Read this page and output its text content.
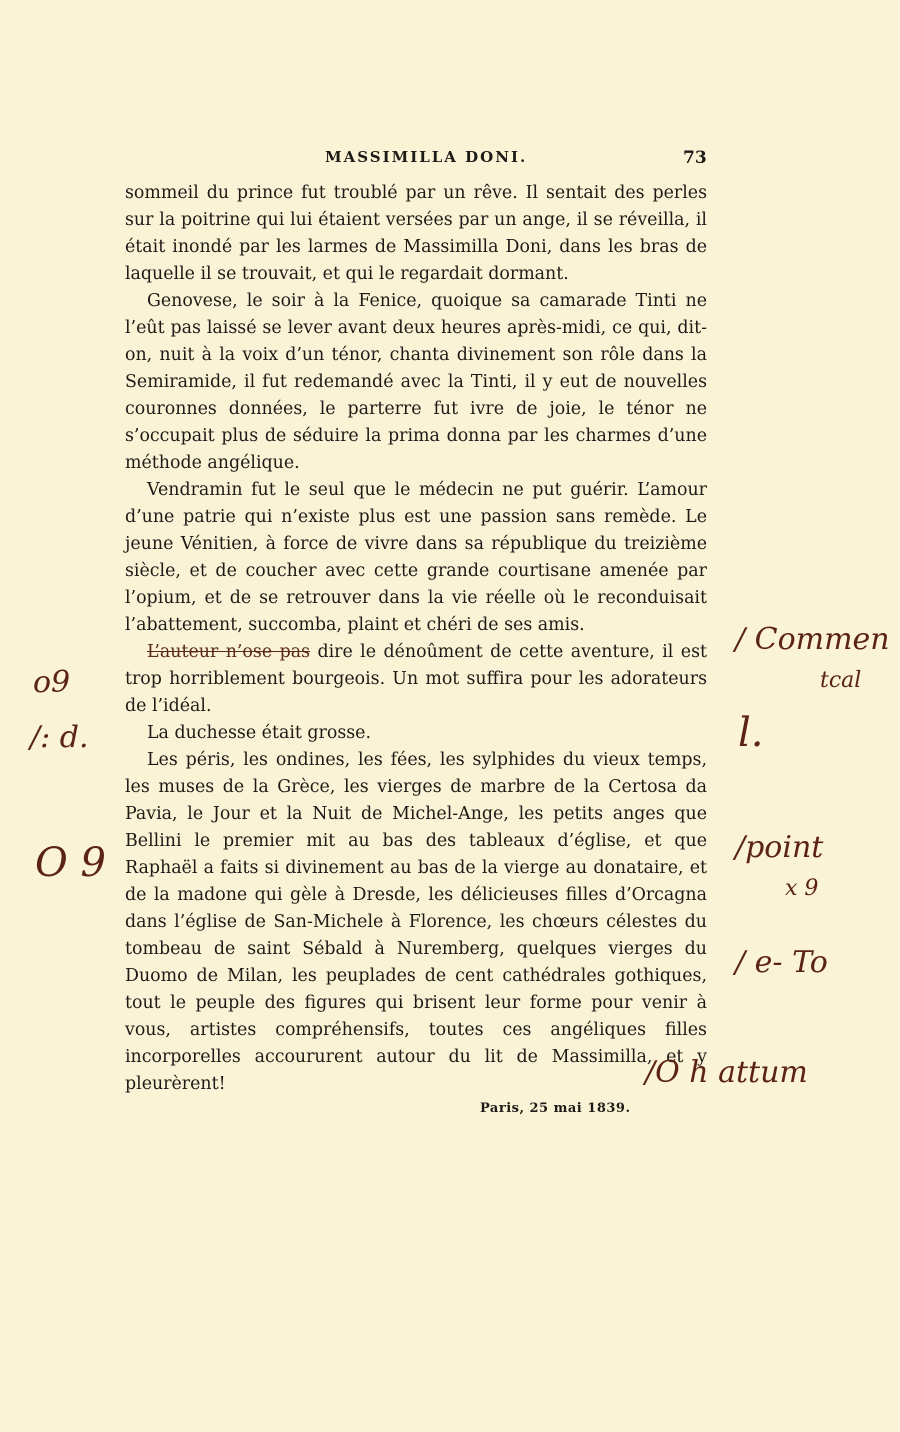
MASSIMILLA DONI.	73

sommeil du prince fut troublé par un rêve. Il sentait des perles sur la poitrine qui lui étaient versées par un ange, il se réveilla, il était inondé par les larmes de Massimilla Doni, dans les bras de laquelle il se trouvait, et qui le regardait dormant.

Genovese, le soir à la Fenice, quoique sa camarade Tinti ne l’eût pas laissé se lever avant deux heures après-midi, ce qui, dit-on, nuit à la voix d’un ténor, chanta divinement son rôle dans la Semiramide, il fut redemandé avec la Tinti, il y eut de nouvelles couronnes données, le parterre fut ivre de joie, le ténor ne s’occupait plus de séduire la prima donna par les charmes d’une méthode angélique.

Vendramin fut le seul que le médecin ne put guérir. L’amour d’une patrie qui n’existe plus est une passion sans remède. Le jeune Vénitien, à force de vivre dans sa république du treizième siècle, et de coucher avec cette grande courtisane amenée par l’opium, et de se retrouver dans la vie réelle où le reconduisait l’abattement, succomba, plaint et chéri de ses amis.

L’auteur n’ose pas dire le dénoûment de cette aventure, il est trop horriblement bourgeois. Un mot suffira pour les adorateurs de l’idéal.

La duchesse était grosse.

Les péris, les ondines, les fées, les sylphides du vieux temps, les muses de la Grèce, les vierges de marbre de la Certosa da Pavia, le Jour et la Nuit de Michel-Ange, les petits anges que Bellini le premier mit au bas des tableaux d’église, et que Raphaël a faits si divinement au bas de la vierge au donataire, et de la madone qui gèle à Dresde, les délicieuses filles d’Orcagna dans l’église de San-Michele à Florence, les chœurs célestes du tombeau de saint Sébald à Nuremberg, quelques vierges du Duomo de Milan, les peuplades de cent cathédrales gothiques, tout le peuple des figures qui brisent leur forme pour venir à vous, artistes compréhensifs, toutes ces angéliques filles incorporelles accoururent autour du lit de Massimilla, et y pleurèrent!

Paris, 25 mai 1839.
/ Commen
tcal
l.
/point
x 9
/ e- To
/O h attum
o9
/: d.
O 9
